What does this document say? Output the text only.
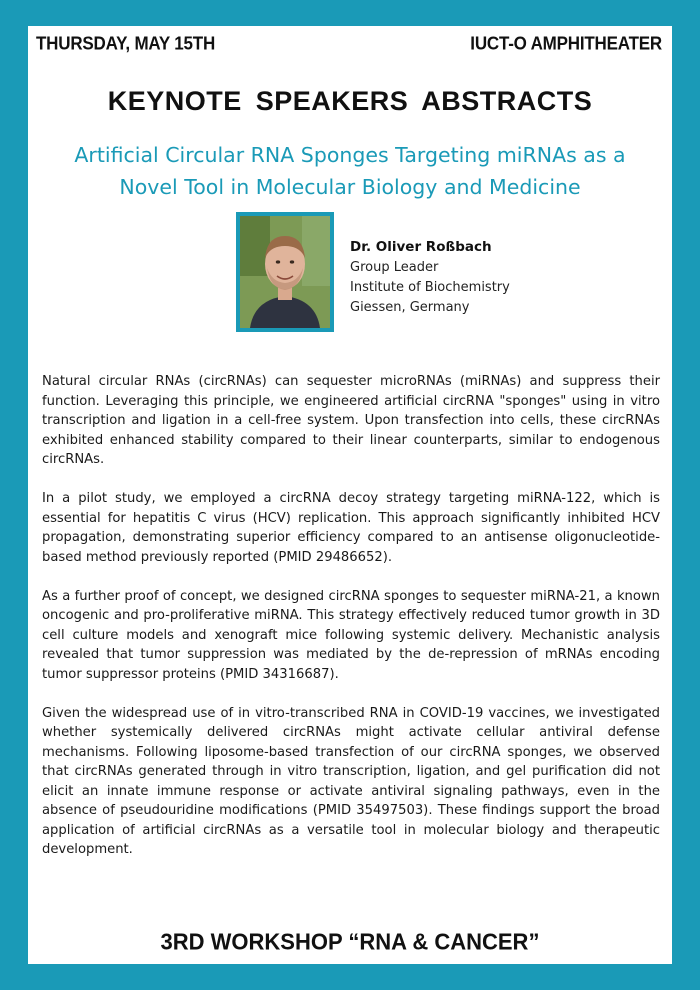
THURSDAY, MAY 15TH	IUCT-O AMPHITHEATER
KEYNOTE SPEAKERS ABSTRACTS
Artificial Circular RNA Sponges Targeting miRNAs as a
Novel Tool in Molecular Biology and Medicine
Dr. Oliver Roßbach
Group Leader
Institute of Biochemistry
Giessen, Germany

Natural circular RNAs (circRNAs) can sequester microRNAs (miRNAs) and suppress their function. Leveraging this principle, we engineered artificial circRNA "sponges" using in vitro transcription and ligation in a cell-free system. Upon transfection into cells, these circRNAs exhibited enhanced stability compared to their linear counterparts, similar to endogenous circRNAs.

In a pilot study, we employed a circRNA decoy strategy targeting miRNA-122, which is essential for hepatitis C virus (HCV) replication. This approach significantly inhibited HCV propagation, demonstrating superior efficiency compared to an antisense oligonucleotide-based method previously reported (PMID 29486652).

As a further proof of concept, we designed circRNA sponges to sequester miRNA-21, a known oncogenic and pro-proliferative miRNA. This strategy effectively reduced tumor growth in 3D cell culture models and xenograft mice following systemic delivery. Mechanistic analysis revealed that tumor suppression was mediated by the de-repression of mRNAs encoding tumor suppressor proteins (PMID 34316687).

Given the widespread use of in vitro-transcribed RNA in COVID-19 vaccines, we investigated whether systemically delivered circRNAs might activate cellular antiviral defense mechanisms. Following liposome-based transfection of our circRNA sponges, we observed that circRNAs generated through in vitro transcription, ligation, and gel purification did not elicit an innate immune response or activate antiviral signaling pathways, even in the absence of pseudouridine modifications (PMID 35497503). These findings support the broad application of artificial circRNAs as a versatile tool in molecular biology and therapeutic development.

3RD WORKSHOP “RNA & CANCER”
